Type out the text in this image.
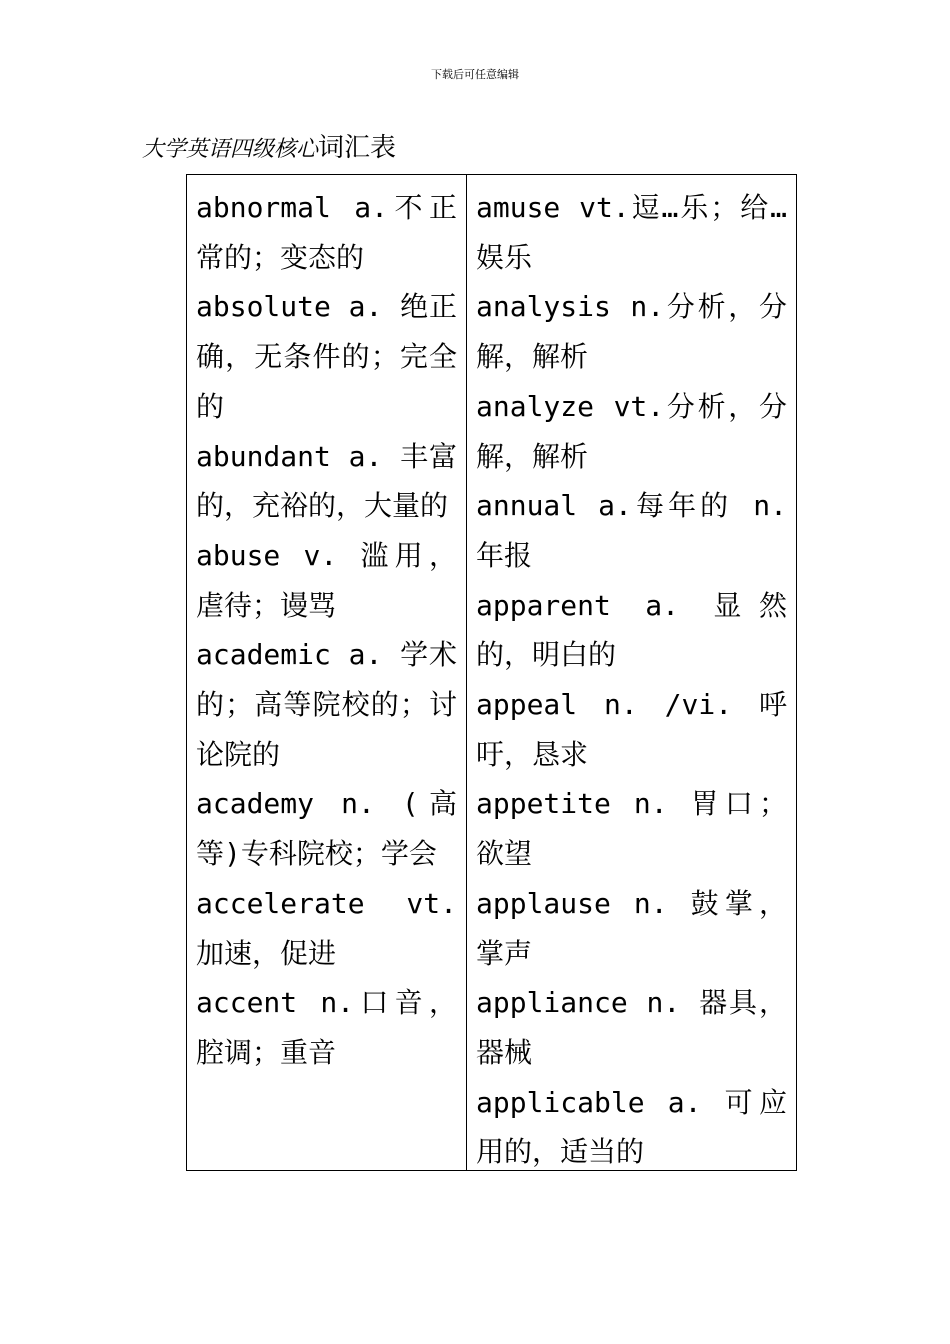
下载后可任意编辑
大学英语四级核心词汇表
abnormal a.不正常的；变态的
absolute a. 绝正确，无条件的；完全的
abundant a. 丰富的，充裕的，大量的
abuse v. 滥用，虐待；谩骂
academic a. 学术的；高等院校的；讨论院的
academy n. (高等)专科院校；学会
accelerate vt. 加速，促进
accent n.口音，腔调；重音
amuse vt.逗…乐；给…娱乐
analysis n.分析，分解，解析
analyze vt.分析，分解，解析
annual a.每年的 n.年报
apparent a. 显然的，明白的
appeal n. /vi. 呼吁，恳求
appetite n. 胃口；欲望
applause n. 鼓掌，掌声
appliance n. 器具，器械
applicable a. 可应用的，适当的
